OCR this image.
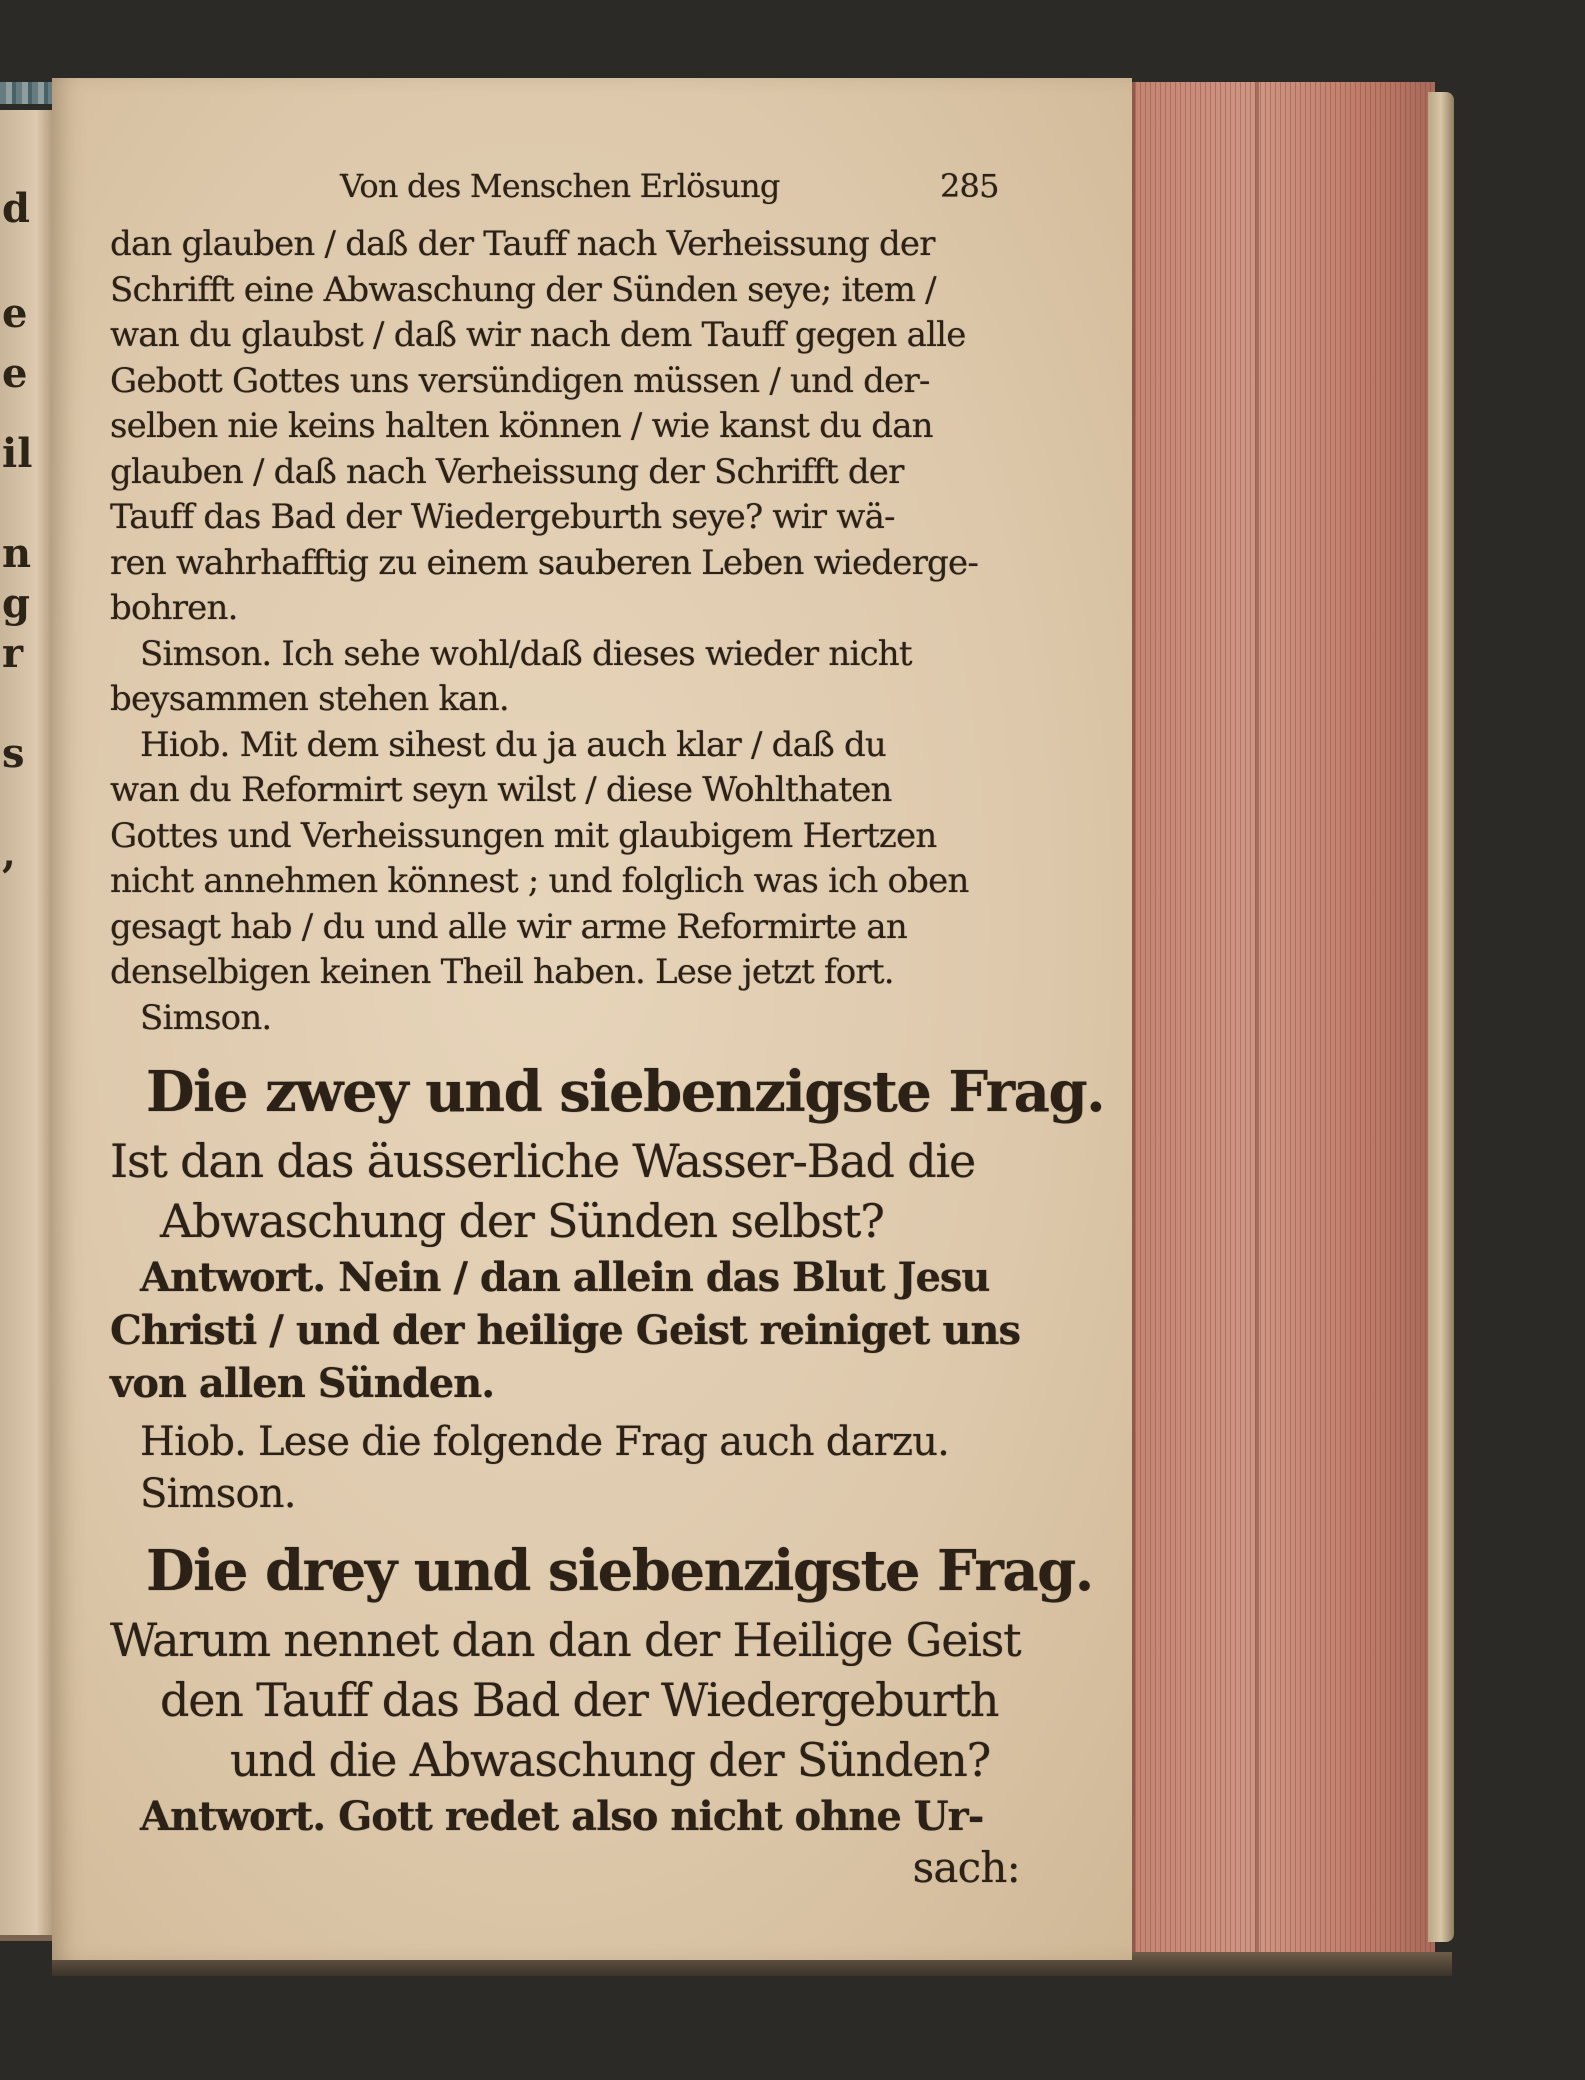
d
e
e
il
n
g
r
s
,
Von des Menschen Erlösung	285
dan glauben / daß der Tauff nach Verheissung der
Schrifft eine Abwaschung der Sünden seye; item /
wan du glaubst / daß wir nach dem Tauff gegen alle
Gebott Gottes uns versündigen müssen / und der-
selben nie keins halten können / wie kanst du dan
glauben / daß nach Verheissung der Schrifft der
Tauff das Bad der Wiedergeburth seye? wir wä-
ren wahrhafftig zu einem sauberen Leben wiederge-
bohren.
Simson. Ich sehe wohl/daß dieses wieder nicht
beysammen stehen kan.
Hiob. Mit dem sihest du ja auch klar / daß du
wan du Reformirt seyn wilst / diese Wohlthaten
Gottes und Verheissungen mit glaubigem Hertzen
nicht annehmen könnest ; und folglich was ich oben
gesagt hab / du und alle wir arme Reformirte an
denselbigen keinen Theil haben. Lese jetzt fort.
Simson.
Die zwey und siebenzigste Frag.
Ist dan das äusserliche Wasser-Bad die
Abwaschung der Sünden selbst?
Antwort. Nein / dan allein das Blut Jesu
Christi / und der heilige Geist reiniget uns
von allen Sünden.
Hiob. Lese die folgende Frag auch darzu.
Simson.
Die drey und siebenzigste Frag.
Warum nennet dan dan der Heilige Geist
den Tauff das Bad der Wiedergeburth
und die Abwaschung der Sünden?
Antwort. Gott redet also nicht ohne Ur-
sach:
